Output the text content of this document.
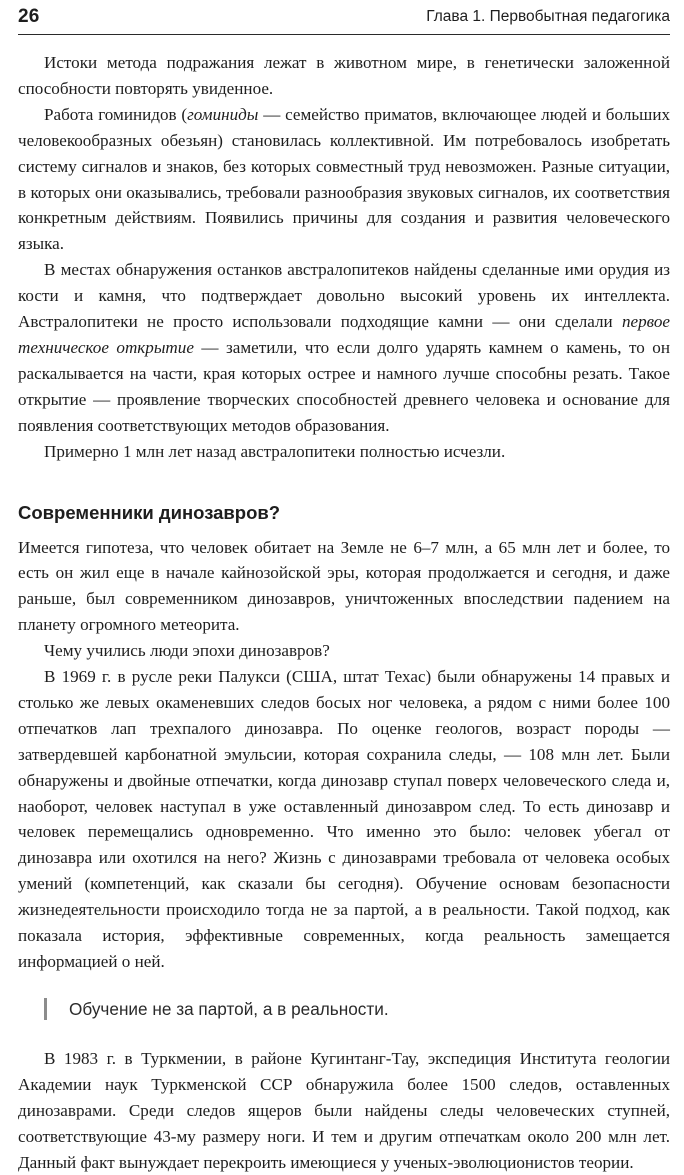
26	Глава 1. Первобытная педагогика

Истоки метода подражания лежат в животном мире, в генетически заложенной способности повторять увиденное.

Работа гоминидов (гоминиды — семейство приматов, включающее людей и больших человекообразных обезьян) становилась коллективной. Им потребовалось изобретать систему сигналов и знаков, без которых совместный труд невозможен. Разные ситуации, в которых они оказывались, требовали разнообразия звуковых сигналов, их соответствия конкретным действиям. Появились причины для создания и развития человеческого языка.

В местах обнаружения останков австралопитеков найдены сделанные ими орудия из кости и камня, что подтверждает довольно высокий уровень их интеллекта. Австралопитеки не просто использовали подходящие камни — они сделали первое техническое открытие — заметили, что если долго ударять камнем о камень, то он раскалывается на части, края которых острее и намного лучше способны резать. Такое открытие — проявление творческих способностей древнего человека и основание для появления соответствующих методов образования.

Примерно 1 млн лет назад австралопитеки полностью исчезли.

Современники динозавров?

Имеется гипотеза, что человек обитает на Земле не 6–7 млн, а 65 млн лет и более, то есть он жил еще в начале кайнозойской эры, которая продолжается и сегодня, и даже раньше, был современником динозавров, уничтоженных впоследствии падением на планету огромного метеорита.

Чему учились люди эпохи динозавров?

В 1969 г. в русле реки Палукси (США, штат Техас) были обнаружены 14 правых и столько же левых окаменевших следов босых ног человека, а рядом с ними более 100 отпечатков лап трехпалого динозавра. По оценке геологов, возраст породы — затвердевшей карбонатной эмульсии, которая сохранила следы, — 108 млн лет. Были обнаружены и двойные отпечатки, когда динозавр ступал поверх человеческого следа и, наоборот, человек наступал в уже оставленный динозавром след. То есть динозавр и человек перемещались одновременно. Что именно это было: человек убегал от динозавра или охотился на него? Жизнь с динозаврами требовала от человека особых умений (компетенций, как сказали бы сегодня). Обучение основам безопасности жизнедеятельности происходило тогда не за партой, а в реальности. Такой подход, как показала история, эффективные современных, когда реальность замещается информацией о ней.

Обучение не за партой, а в реальности.

В 1983 г. в Туркмении, в районе Кугинтанг-Тау, экспедиция Института геологии Академии наук Туркменской ССР обнаружила более 1500 следов, оставленных динозаврами. Среди следов ящеров были найдены следы человеческих ступней, соответствующие 43-му размеру ноги. И тем и другим отпечаткам около 200 млн лет. Данный факт вынуждает перекроить имеющиеся у ученых-эволюционистов теории.
